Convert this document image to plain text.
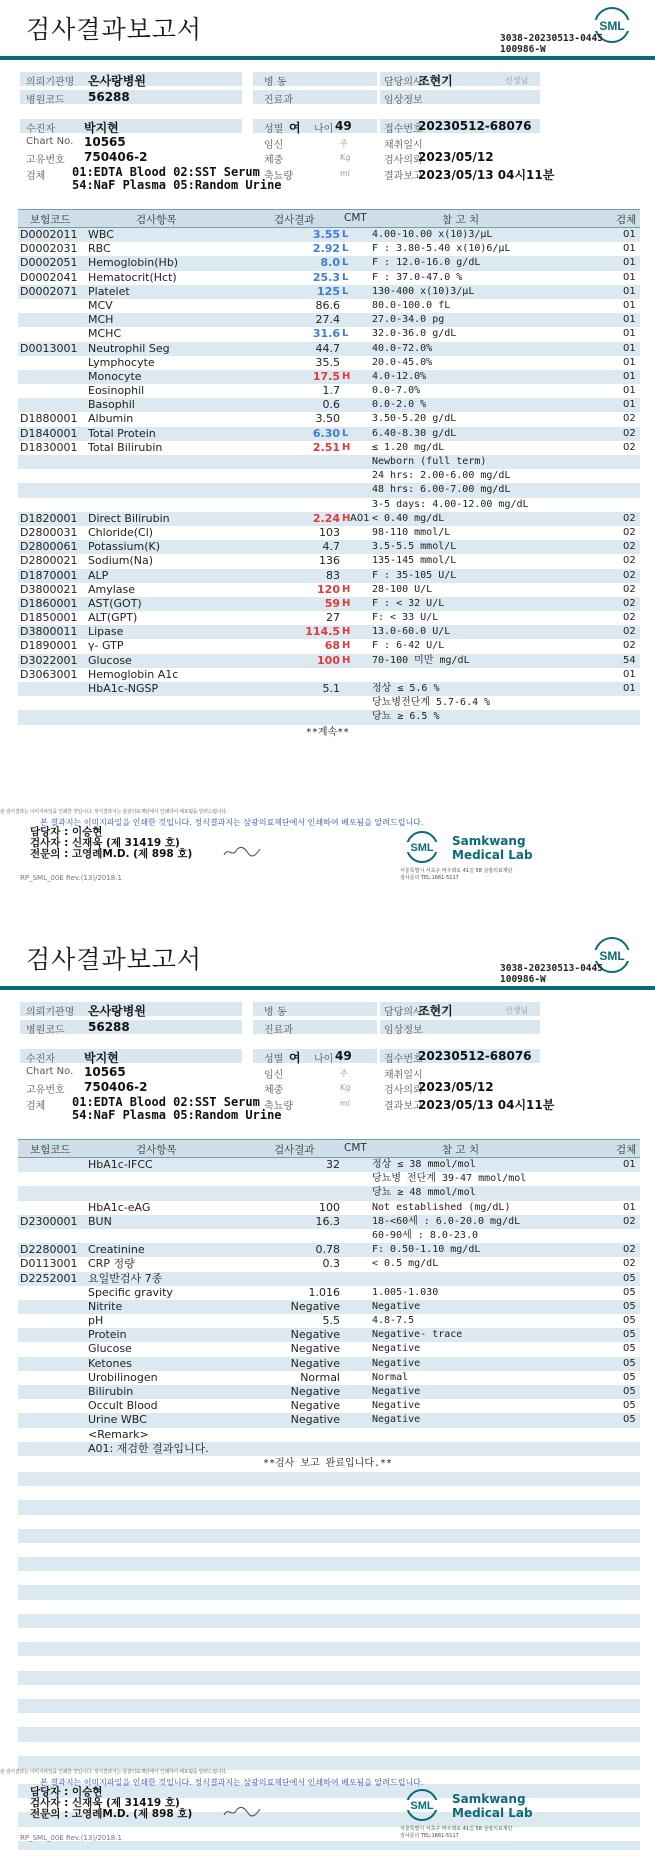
검사결과보고서	SML
3038-20230513-0445
100986-W
의뢰기관명 온사랑병원
병원코드 56288
병 동
진료과
담당의사
조현기	선생님
임상정보
수진자 박지현
Chart No. 10565
고유번호 750406-2
검체 01:EDTA Blood 02:SST Serum
54:NaF Plasma 05:Random Urine
성별 여 나이 49
임신	주
체중	Kg
축뇨량	ml
접수번호
20230512-68076
채취일시
검사의뢰
2023/05/12
결과보고
2023/05/13 04시11분
보험코드	검사항목	검사결과	CMT	참 고 치	검체
D0002011 WBC	3.55 L 4.00-10.00 x(10)3/μL	01
D0002031 RBC	2.92 L F : 3.80-5.40 x(10)6/μL	01
D0002051 Hemoglobin(Hb)	8.0 L F : 12.0-16.0 g/dL	01
D0002041 Hematocrit(Hct)	25.3 L F : 37.0-47.0 %	01
D0002071 Platelet	125 L 130-400 x(10)3/μL	01
MCV	86.6	80.0-100.0 fL	01
MCH	27.4	27.0-34.0 pg	01
MCHC	31.6 L 32.0-36.0 g/dL	01
D0013001 Neutrophil Seg	44.7	40.0-72.0%	01
Lymphocyte	35.5	20.0-45.0%	01
Monocyte	17.5 H 4.0-12.0%	01
Eosinophil	1.7	0.0-7.0%	01
Basophil	0.6	0.0-2.0 %	01
D1880001 Albumin	3.50	3.50-5.20 g/dL	02
D1840001 Total Protein	6.30 L 6.40-8.30 g/dL	02
D1830001 Total Bilirubin	2.51 H ≤ 1.20 mg/dL	02
Newborn (full term)
24 hrs: 2.00-6.00 mg/dL
48 hrs: 6.00-7.00 mg/dL
3-5 days: 4.00-12.00 mg/dL
D1820001 Direct Bilirubin	2.24 H < 0.40 mg/dL	02
A01
D2800031 Chloride(Cl)	103	98-110 mmol/L	02
D2800061 Potassium(K)	4.7	3.5-5.5 mmol/L	02
D2800021 Sodium(Na)	136	135-145 mmol/L	02
D1870001 ALP	83	F : 35-105 U/L	02
D3800021 Amylase	120 H 28-100 U/L	02
D1860001 AST(GOT)	59 H F : < 32 U/L	02
D1850001 ALT(GPT)	27	F: < 33 U/L	02
D3800011 Lipase	114.5 H 13.0-60.0 U/L	02
D1890001 γ- GTP	68 H F : 6-42 U/L	02
D3022001 Glucose	100 H 70-100 미만 mg/dL	54
D3063001 Hemoglobin A1c	01
HbA1c-NGSP	5.1	정상 ≤ 5.6 %	01
당뇨병전단계 5.7-6.4 %
당뇨 ≥ 6.5 %
**계속**
본 검사결과는 이미지파일을 인쇄한 것입니다. 정식결과지는 삼광의료재단에서 인쇄하여 배포됨을 알려드립니다.
본 결과지는 이미지파일을 인쇄한 것입니다. 정식결과지는 삼광의료재단에서 인쇄하여 배포됨을 알려드립니다.
담당자 : 이승현
검사자 : 신재욱 (제 31419 호)
전문의 : 고영례M.D. (제 898 호)	SML Samkwang
Medical Lab
서울특별시 서초구 바우뫼로 41길 58 삼광의료재단
검사문의 TEL:1661-5117
RP_SML_00E Rev.(13)/2018.1
검사결과보고서	SML
3038-20230513-0445
100986-W
의뢰기관명 온사랑병원
병원코드 56288
병 동
진료과
담당의사
조현기	선생님
임상정보
수진자 박지현
Chart No. 10565
고유번호 750406-2
검체 01:EDTA Blood 02:SST Serum
54:NaF Plasma 05:Random Urine
성별 여 나이 49
임신	주
체중	Kg
축뇨량	ml
접수번호
20230512-68076
채취일시
검사의뢰
2023/05/12
결과보고
2023/05/13 04시11분
보험코드	검사항목	검사결과	CMT	참 고 치	검체
HbA1c-IFCC	32	정상 ≤ 38 mmol/mol	01
당뇨병 전단계 39-47 mmol/mol
당뇨 ≥ 48 mmol/mol
HbA1c-eAG	100	Not established (mg/dL)	01
D2300001 BUN	16.3	18-<60세 : 6.0-20.0 mg/dL	02
60-90세 : 8.0-23.0
D2280001 Creatinine	0.78	F: 0.50-1.10 mg/dL	02
D0113001 CRP 정량	0.3	< 0.5 mg/dL	02
D2252001 요일반검사 7종	05
Specific gravity	1.016	1.005-1.030	05
Nitrite	Negative	Negative	05
pH	5.5	4.8-7.5	05
Protein	Negative	Negative- trace	05
Glucose	Negative	Negative	05
Ketones	Negative	Negative	05
Urobilinogen	Normal	Normal	05
Bilirubin	Negative	Negative	05
Occult Blood	Negative	Negative	05
Urine WBC	Negative	Negative	05
<Remark>
A01: 재검한 결과입니다.
**검사 보고 완료입니다.**
본 검사결과는 이미지파일을 인쇄한 것입니다. 정식결과지는 삼광의료재단에서 인쇄하여 배포됨을 알려드립니다.
본 결과지는 이미지파일을 인쇄한 것입니다. 정식결과지는 삼광의료재단에서 인쇄하여 배포됨을 알려드립니다.
담당자 : 이승현
검사자 : 신재욱 (제 31419 호)
전문의 : 고영례M.D. (제 898 호)
SML Samkwang
Medical Lab
서울특별시 서초구 바우뫼로 41길 58 삼광의료재단
검사문의 TEL:1661-5117
RP_SML_00E Rev.(13)/2018.1
